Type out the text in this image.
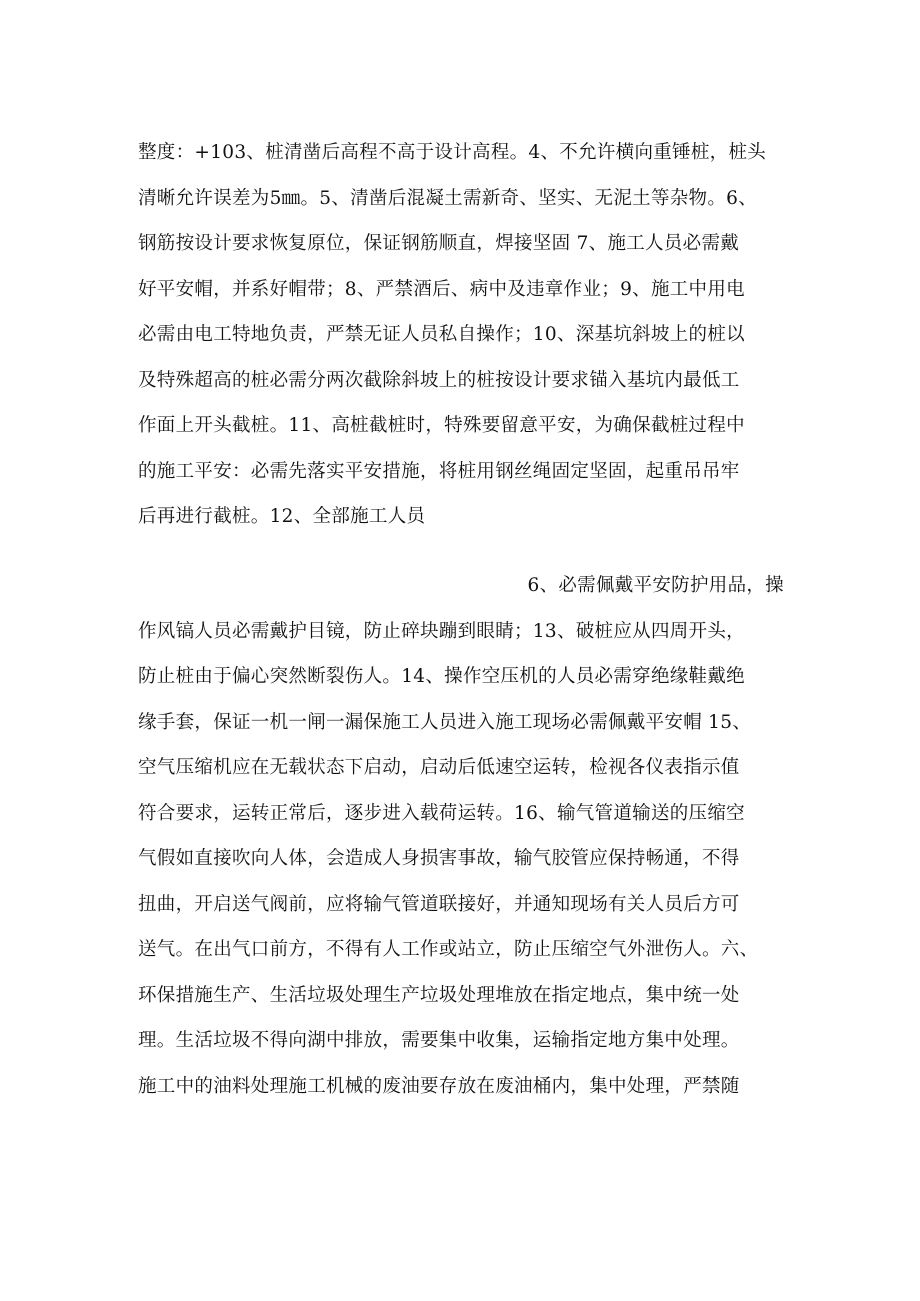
整度：+103、桩清凿后高程不高于设计高程。4、不允许横向重锤桩，桩头
清晰允许误差为5㎜。5、清凿后混凝土需新奇、坚实、无泥土等杂物。6、
钢筋按设计要求恢复原位，保证钢筋顺直，焊接坚固 7、施工人员必需戴
好平安帽，并系好帽带；8、严禁酒后、病中及违章作业；9、施工中用电
必需由电工特地负责，严禁无证人员私自操作；10、深基坑斜坡上的桩以
及特殊超高的桩必需分两次截除斜坡上的桩按设计要求锚入基坑内最低工
作面上开头截桩。11、高桩截桩时，特殊要留意平安，为确保截桩过程中
的施工平安：必需先落实平安措施，将桩用钢丝绳固定坚固，起重吊吊牢
后再进行截桩。12、全部施工人员
6、必需佩戴平安防护用品，操
作风镐人员必需戴护目镜，防止碎块蹦到眼睛；13、破桩应从四周开头，
防止桩由于偏心突然断裂伤人。14、操作空压机的人员必需穿绝缘鞋戴绝
缘手套，保证一机一闸一漏保施工人员进入施工现场必需佩戴平安帽 15、
空气压缩机应在无载状态下启动，启动后低速空运转，检视各仪表指示值
符合要求，运转正常后，逐步进入载荷运转。16、输气管道输送的压缩空
气假如直接吹向人体，会造成人身损害事故，输气胶管应保持畅通，不得
扭曲，开启送气阀前，应将输气管道联接好，并通知现场有关人员后方可
送气。在出气口前方，不得有人工作或站立，防止压缩空气外泄伤人。六、
环保措施生产、生活垃圾处理生产垃圾处理堆放在指定地点，集中统一处
理。生活垃圾不得向湖中排放，需要集中收集，运输指定地方集中处理。
施工中的油料处理施工机械的废油要存放在废油桶内，集中处理，严禁随
